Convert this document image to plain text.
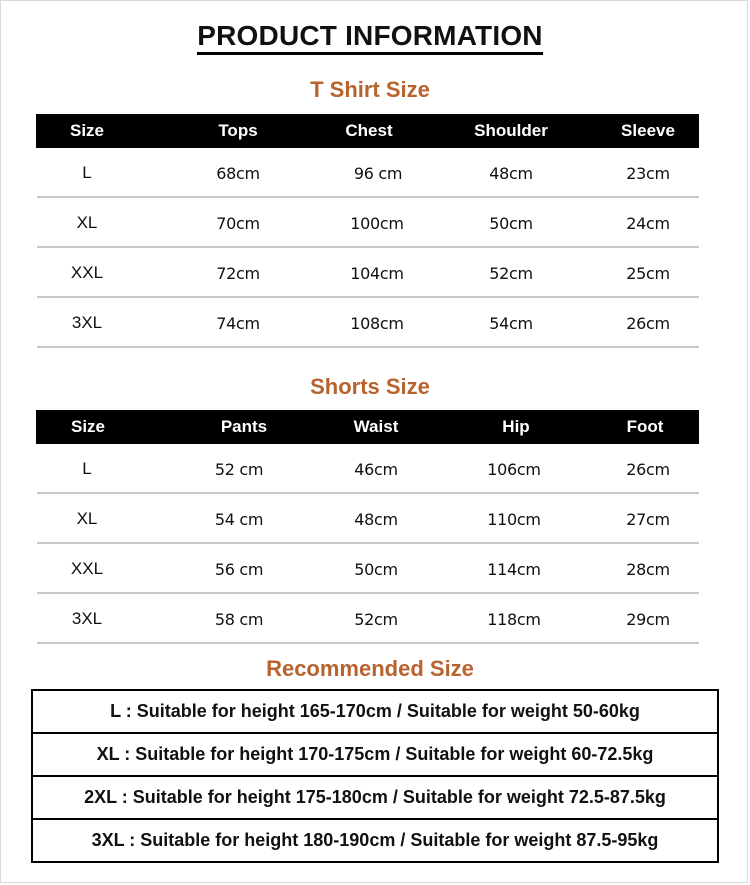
PRODUCT INFORMATION
T Shirt Size
Size	Tops	Chest	Shoulder	Sleeve
L	68cm	96 cm	48cm	23cm
XL	70cm	100cm	50cm	24cm
XXL	72cm	104cm	52cm	25cm
3XL	74cm	108cm	54cm	26cm
Shorts Size
Size	Pants	Waist	Hip	Foot
L	52 cm	46cm	106cm	26cm
XL	54 cm	48cm	110cm	27cm
XXL	56 cm	50cm	114cm	28cm
3XL	58 cm	52cm	118cm	29cm
Recommended Size
L : Suitable for height 165-170cm / Suitable for weight 50-60kg
XL : Suitable for height 170-175cm / Suitable for weight 60-72.5kg
2XL : Suitable for height 175-180cm / Suitable for weight 72.5-87.5kg
3XL : Suitable for height 180-190cm / Suitable for weight 87.5-95kg
